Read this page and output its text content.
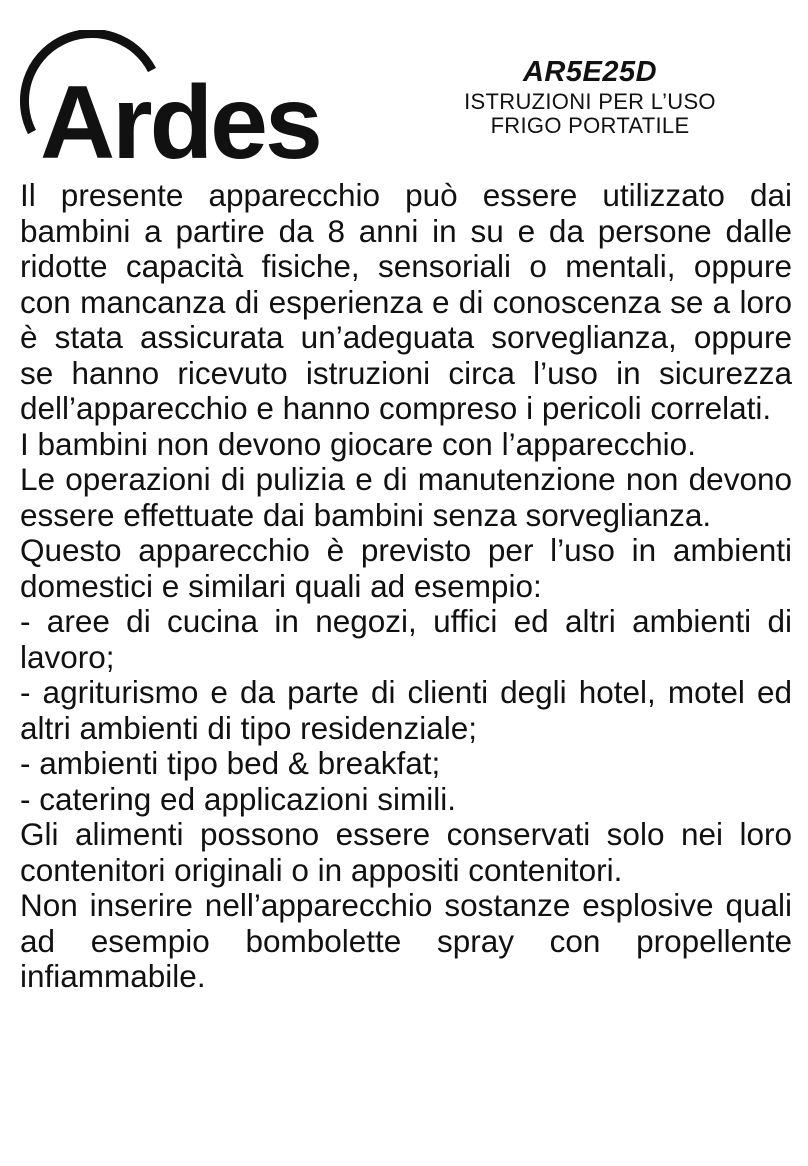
Ardes	AR5E25D
ISTRUZIONI PER L’USO
FRIGO PORTATILE

Il presente apparecchio può essere utilizzato dai bambini a partire da 8 anni in su e da persone dalle ridotte capacità fisiche, sensoriali o mentali, oppure con mancanza di esperienza e di conoscenza se a loro è stata assicurata un’adeguata sorveglianza, oppure se hanno ricevuto istruzioni circa l’uso in sicurezza dell’apparecchio e hanno compreso i pericoli correlati.

I bambini non devono giocare con l’apparecchio.

Le operazioni di pulizia e di manutenzione non devono essere effettuate dai bambini senza sorveglianza.

Questo apparecchio è previsto per l’uso in ambienti domestici e similari quali ad esempio:

- aree di cucina in negozi, uffici ed altri ambienti di lavoro;

- agriturismo e da parte di clienti degli hotel, motel ed altri ambienti di tipo residenziale;

- ambienti tipo bed & breakfat;

- catering ed applicazioni simili.

Gli alimenti possono essere conservati solo nei loro contenitori originali o in appositi contenitori.

Non inserire nell’apparecchio sostanze esplosive quali ad esempio bombolette spray con propellente infiammabile.
